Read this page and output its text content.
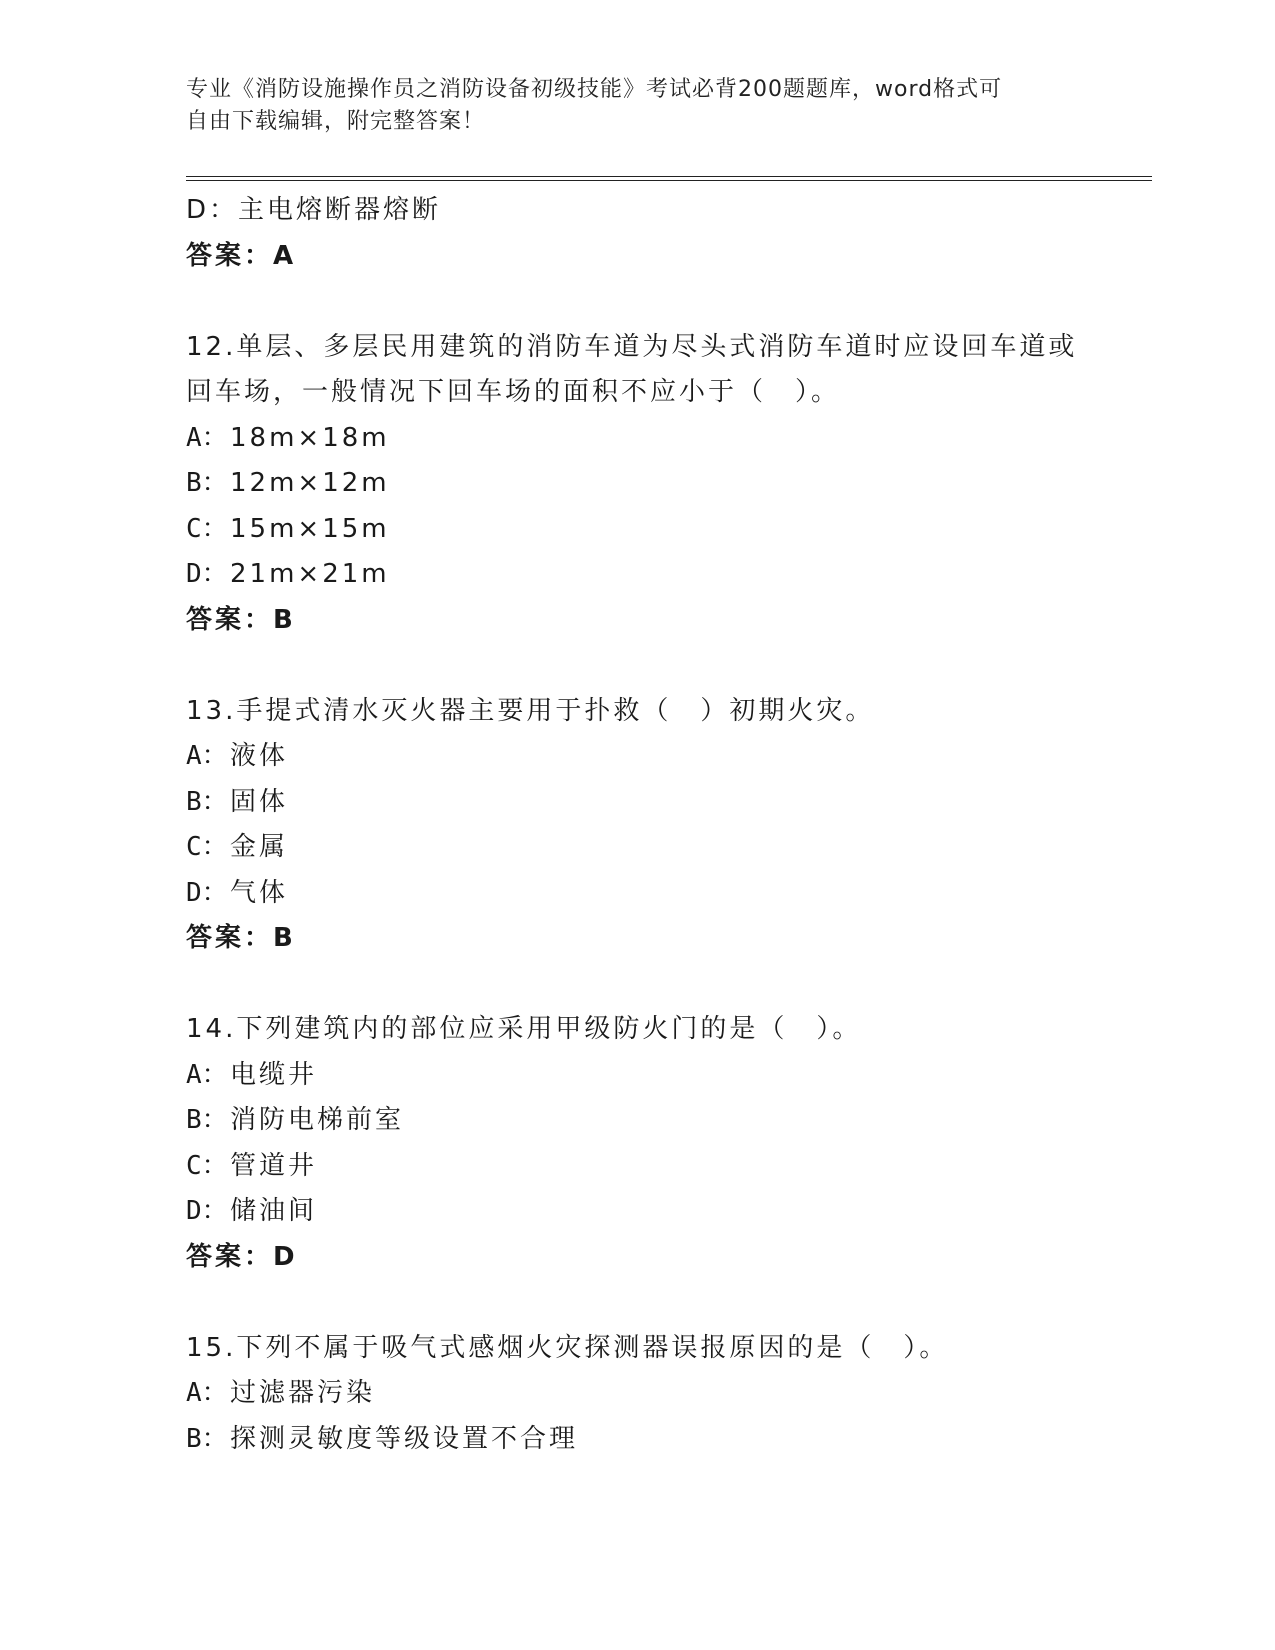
专业《消防设施操作员之消防设备初级技能》考试必背200题题库，word格式可
自由下载编辑，附完整答案！
D：主电熔断器熔断
答案：A
12.单层、多层民用建筑的消防车道为尽头式消防车道时应设回车道或
回车场，一般情况下回车场的面积不应小于（　）。
A：18m×18m
B：12m×12m
C：15m×15m
D：21m×21m
答案：B
13.手提式清水灭火器主要用于扑救（　）初期火灾。
A：液体
B：固体
C：金属
D：气体
答案：B
14.下列建筑内的部位应采用甲级防火门的是（　）。
A：电缆井
B：消防电梯前室
C：管道井
D：储油间
答案：D
15.下列不属于吸气式感烟火灾探测器误报原因的是（　）。
A：过滤器污染
B：探测灵敏度等级设置不合理
